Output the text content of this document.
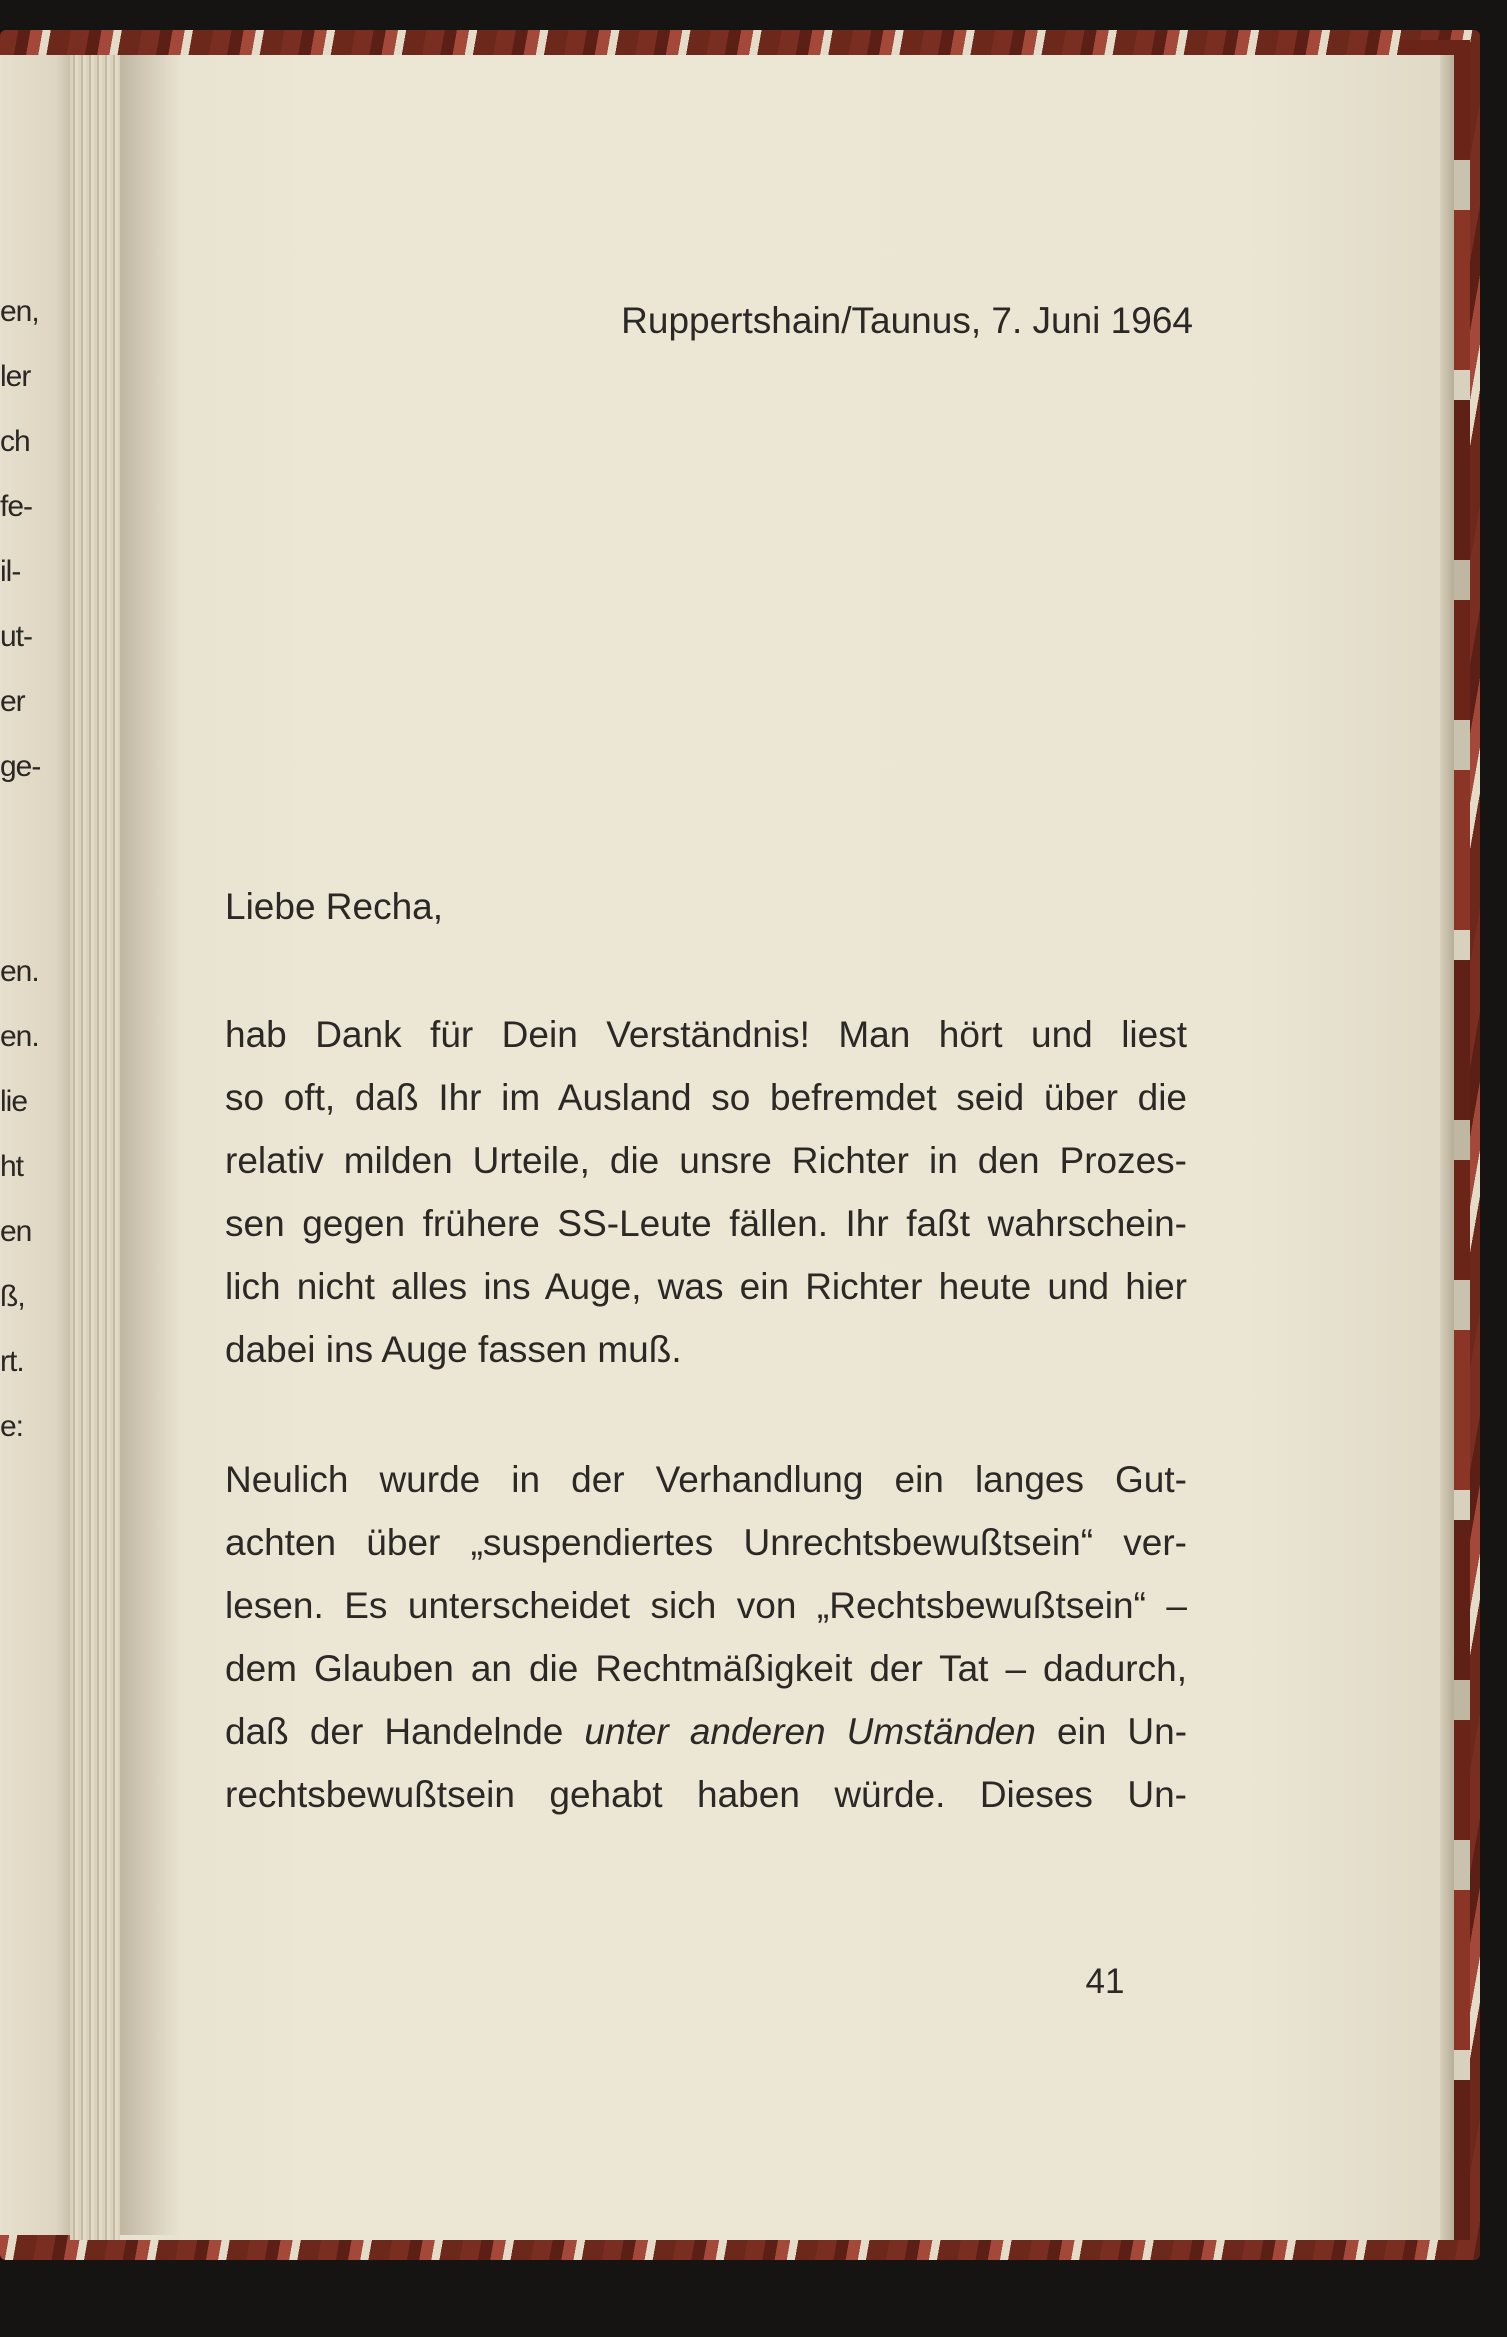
en,
ler
ch
fe-
il-
ut-
er
ge-
en.
en.
lie
ht
en
ß,
rt.
e:
Ruppertshain/Taunus, 7. Juni 1964
Liebe Recha,
hab Dank für Dein Verständnis! Man hört und liest
so oft, daß Ihr im Ausland so befremdet seid über die
relativ milden Urteile, die unsre Richter in den Prozes-
sen gegen frühere SS-Leute fällen. Ihr faßt wahrschein-
lich nicht alles ins Auge, was ein Richter heute und hier
dabei ins Auge fassen muß.
Neulich wurde in der Verhandlung ein langes Gut-
achten über „suspendiertes Unrechtsbewußtsein“ ver-
lesen. Es unterscheidet sich von „Rechtsbewußtsein“ –
dem Glauben an die Rechtmäßigkeit der Tat – dadurch,
daß der Handelnde unter anderen Umständen ein Un-
rechtsbewußtsein gehabt haben würde. Dieses Un-
41
